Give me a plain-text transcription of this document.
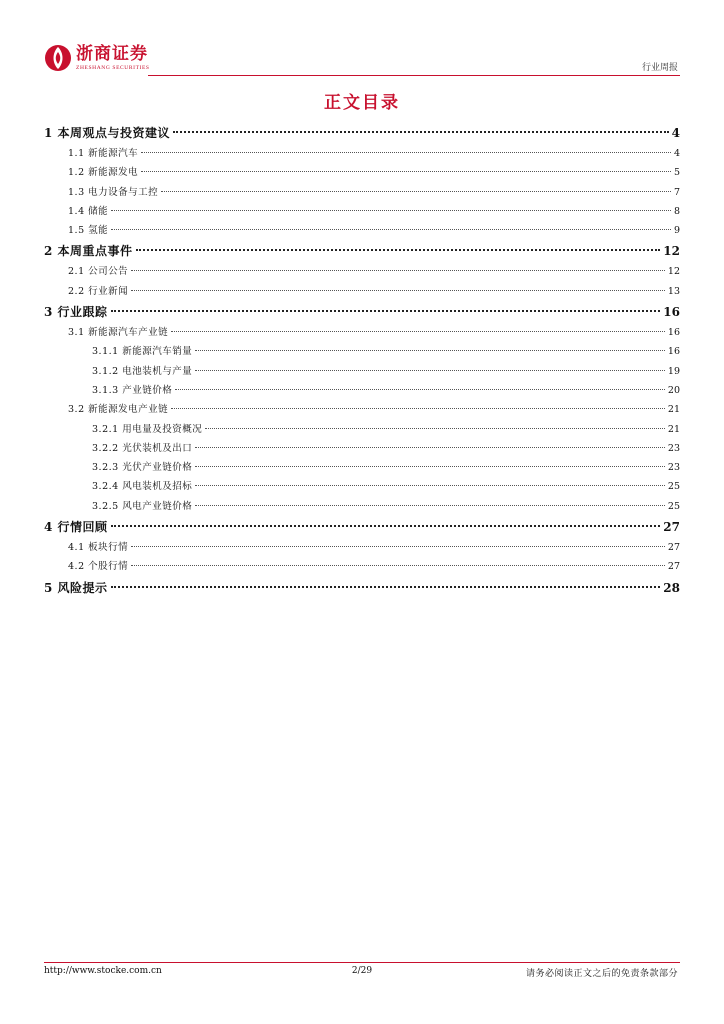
浙商证券
ZHESHANG SECURITIES	行业周报
正文目录
1 本周观点与投资建议	4
1.1 新能源汽车	4
1.2 新能源发电	5
1.3 电力设备与工控	7
1.4 储能	8
1.5 氢能	9
2 本周重点事件	12
2.1 公司公告	12
2.2 行业新闻	13
3 行业跟踪	16
3.1 新能源汽车产业链	16
3.1.1 新能源汽车销量	16
3.1.2 电池装机与产量	19
3.1.3 产业链价格	20
3.2 新能源发电产业链	21
3.2.1 用电量及投资概况	21
3.2.2 光伏装机及出口	23
3.2.3 光伏产业链价格	23
3.2.4 风电装机及招标	25
3.2.5 风电产业链价格	25
4 行情回顾	27
4.1 板块行情	27
4.2 个股行情	27
5 风险提示	28
http://www.stocke.com.cn	2/29	请务必阅读正文之后的免责条款部分
